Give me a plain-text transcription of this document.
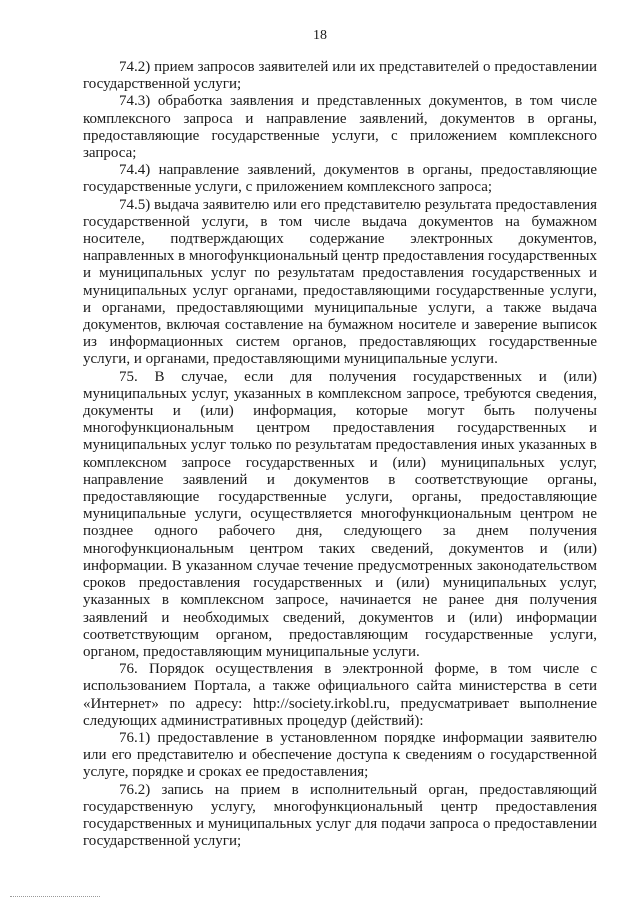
18

74.2) прием запросов заявителей или их представителей о предоставлении государственной услуги;

74.3) обработка заявления и представленных документов, в том числе комплексного запроса и направление заявлений, документов в органы, предоставляющие государственные услуги, с приложением комплексного запроса;

74.4) направление заявлений, документов в органы, предоставляющие государственные услуги, с приложением комплексного запроса;

74.5) выдача заявителю или его представителю результата предоставления государственной услуги, в том числе выдача документов на бумажном носителе, подтверждающих содержание электронных документов, направленных в многофункциональный центр предоставления государственных и муниципальных услуг по результатам предоставления государственных и муниципальных услуг органами, предоставляющими государственные услуги, и органами, предоставляющими муниципальные услуги, а также выдача документов, включая составление на бумажном носителе и заверение выписок из информационных систем органов, предоставляющих государственные услуги, и органами, предоставляющими муниципальные услуги.

75. В случае, если для получения государственных и (или) муниципальных услуг, указанных в комплексном запросе, требуются сведения, документы и (или) информация, которые могут быть получены многофункциональным центром предоставления государственных и муниципальных услуг только по результатам предоставления иных указанных в комплексном запросе государственных и (или) муниципальных услуг, направление заявлений и документов в соответствующие органы, предоставляющие государственные услуги, органы, предоставляющие муниципальные услуги, осуществляется многофункциональным центром не позднее одного рабочего дня, следующего за днем получения многофункциональным центром таких сведений, документов и (или) информации. В указанном случае течение предусмотренных законодательством сроков предоставления государственных и (или) муниципальных услуг, указанных в комплексном запросе, начинается не ранее дня получения заявлений и необходимых сведений, документов и (или) информации соответствующим органом, предоставляющим государственные услуги, органом, предоставляющим муниципальные услуги.

76. Порядок осуществления в электронной форме, в том числе с использованием Портала, а также официального сайта министерства в сети «Интернет» по адресу: http://society.irkobl.ru, предусматривает выполнение следующих административных процедур (действий):

76.1) предоставление в установленном порядке информации заявителю или его представителю и обеспечение доступа к сведениям о государственной услуге, порядке и сроках ее предоставления;

76.2) запись на прием в исполнительный орган, предоставляющий государственную услугу, многофункциональный центр предоставления государственных и муниципальных услуг для подачи запроса о предоставлении государственной услуги;
